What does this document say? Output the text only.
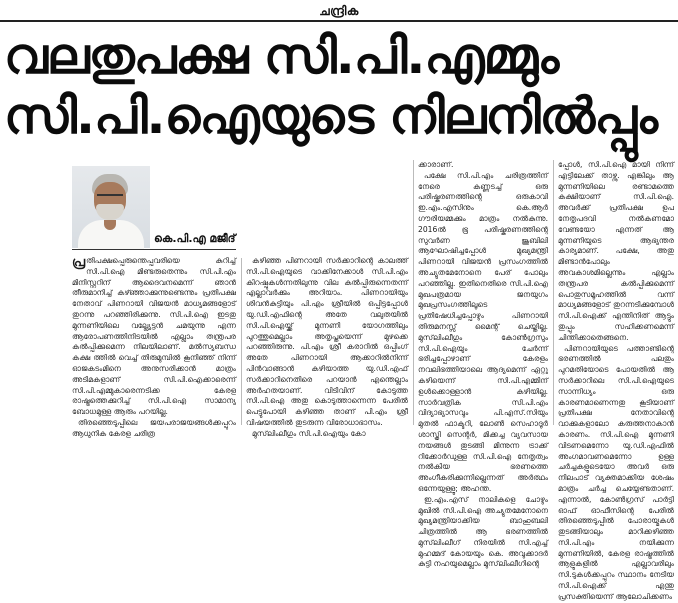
ചന്ദ്രിക
വലതുപക്ഷ സി.പി.എമ്മും
സി.പി.ഐയുടെ നിലനിൽപ്പും
കെ.പി.എ മജീദ്

പ്ര തിപക്ഷപ്പെരുന്തെപ്പവരിയെ കുറിച്ച് സി.പി.ഐ മിണ്ടരുതെന്നും സി.പി.എം മിനിസ്റ്ററിന് ആദൈവനമെന്ന് ഞാൻ തീരുമാനിച്ച് കഴ്ഞ്ഞാക്കുന്നുണ്ടെന്നും പ്രതിപക്ഷ നേതാവ് പിണറായി വിജയൻ മാധ്യമങ്ങളോട് തുറന്നു പറഞ്ഞിരിക്കുന്നു. സി.പി.ഐ ഇടതു മുന്നണിയിലെ വല്ല്യേട്ടൻ ചമയുന്നു എന്ന ആരോപണത്തിനിടയിൽ എല്ലാം തന്ത്രപര കൽപ്പിക്കുമെന്ന നിലയിലാണ്. മൽസ്യബന്ധ കക്ഷ ത്തിൽ വെച്ച് തിരുമുമ്പിൽ കൂനിഞ്ഞ് നിന്ന് ഓജകടംമിനെ അനുസരിക്കാൻ മാത്രം അടിമകളാണ് സി.പി.ഐക്കാരെന്ന് സി.പി.എമ്മുകാരെന്നടിക്ക കേരള രാഷ്ട്രത്തെക്കുറിച്ച് സി.പി.ഐ സാമാന്യ ബോധമുള്ള ആരും പറയില്ല.

തിരഞ്ഞെടുപ്പിലെ ജയപരാജയങ്ങൾക്കപ്പുറം ആധുനിക കേരള ചരിത്ര

കഴിഞ്ഞ പിണറായി സർക്കാറിന്റെ കാലത്ത് സി.പി.ഐയുടെ വാക്കിനേക്കാൾ സി.പി.എം കിറഷ്പുകൾന്നതിലുന്നു വില കൽപ്പിരുന്നെതന്ന് എല്ലാവർക്കും അറിയാം. പിണറായിയും ശിവൻകുട്ടിയും പി.എം ശ്രീയിൽ ഒപ്പിട്ടപ്പോൾ യു.ഡി.എഫിന്റെ അതേ വലുതയിൽ സി.പി.ഐയ്ക്ക് മുന്നണി യോഗത്തിലും പുറത്തുമെല്ലാം അതൃപ്തയെന്ന് മുഴക്കെ പറഞ്ഞിരുന്നു. പി.എം ശ്രീ കരാറിൽ ഒപ്പിംഗ് അതേ പിണറായി ആക്കാറിൽനിന്ന് പിൻവാങ്ങാൻ കഴിയാത്ത യു.ഡി.എഫ് സർക്കാറിനെതിരെ പറയാൻ എന്തെല്ലാം അർഹതയാണ്. വിടിവിന് കോടുത്ത സി.പി.ഐ അതു കൊടുത്താന്നെന്ന പേരിൽ പെട്ടുപോയി കഴിഞ്ഞ താണ് പി.എം ശ്രീ വിഷയത്തിൽ തുടരുന്ന വിരോധാഭാസം.

മുസ്‌ലിംലീഗും സി.പി.ഐയും കോ

ക്കാരാണ്.

പക്ഷേ സി.പി.എം ചരിത്രത്തിന് നേരെ കണ്ണടച്ച് ഒരു പരിഷ്കരണത്തിന്റെ ഒരുകാവി ഇ.എം.എസിനും കെ.ആർ ഗൗരിയമ്മക്കും മാത്രം നൽകുന്നു. 2016ൽ ഭൂ പരിഷ്കരണത്തിന്റെ സുവർണ ജൂബിലി ആഘോഷിച്ചപ്പോൾ മുഖ്യമന്ത്രി പിണറായി വിജയൻ പ്രസംഗത്തിൽ അച്യുതമേനോനെ പേര് പോലും പറഞ്ഞില്ല. ഇതിനെതിരെ സി.പി.ഐ മുഖപത്രമായ ജനയുഗം മുഖപ്രസംഗത്തിലൂടെ പ്രതിഷേധിച്ചപ്പോഴും പിണറായി തിരുമനസ്സ് മൈന്റ് ചെയ്തില്ല. മുസ്‌ലിംലീഗും കോൺഗ്രസും സി.പി.ഐയും ചേർന്ന് ഭരിച്ചപ്പോഴാണ് കേരളം നവലിഭത്തിയാലെ ആദ്യമെന്ന് ഏറ്റു കഴിയെന്ന് സി.പി.എമ്മിന് ഉൾക്കൊള്ളാൻ കഴിയില്ല. സാർവത്രിക സി.പി.എം വിദ്യാഭ്യാസവും പി.എസ്.സിയും മുതൽ ഫാക്ടറി, ലോൺ സെഹാദൂർ ശാസ്ത്രി സെന്റർ, മിക്കച്ച വ്യവസായ നയങ്ങൾ തുടങ്ങി മിന്നുന്ന ട്രാക്ക് റിക്കോർഡുള്ള സി.പി.ഐ നേതൃത്വം നൽകിയ ഭരണത്തെ അംഗീകരിക്കുന്നില്ലെന്നത് അർത്ഥം ഒന്നേയുള്ളു; അഹന്ത.

ഇ.എം.എസ് നാലികളെ ചോഴും മുഖിൽ സി.പി.ഐ അച്യുതമേനോനെ മുഖ്യമന്ത്രിയാക്കിയ ബാഹുബലി ചിത്രത്തിൽ ആ ഭരണത്തിൽ മുസ്‌ലിംലീഗ് നിരയിൽ സി.എച്ച് മുഹമ്മദ് കോയയും കെ. അവുക്കാദർ കുട്ടി നഹയുമെല്ലാം മുസ്‌ലിംലീഗിന്റെ

പ്പോൾ, സി.പി.ഐ മായി നിന്ന് എട്ടിലേക്ക് താഴ്ന്നു. എങ്കിലും ആ മുന്നണിയിലെ രണ്ടാമത്തെ കക്ഷിയാണ് സി.പി.ഐ. അവർക്ക് പ്രതിപക്ഷ ഉപ നേതൃപദവി നൽകണമോ വേണ്ടയോ എന്നത് ആ മുന്നണിയുടെ ആഭ്യന്തര കാര്യമാണ്. പക്ഷേ, അതു മിണ്ടാൻപോലും അവകാശമില്ലെന്നും എല്ലാം തന്ത്രപര കൽപ്പിക്കുമെന്ന് പൊതുസമൂഹത്തിൽ വന്ന് മാധ്യമങ്ങളോട് തുറന്നടിക്കുമ്പോൾ സി.പി.ഐക്ക് എന്തിനിത് ആട്ടും തുപ്പും സഹിക്കണമെന്ന് ചിന്തിക്കാതെങ്ങനെ.

പിണറായിയുടെ പത്താണ്ടിന്റെ ഭരണത്തിൽ പലതും പുറമതിയോടെ പോയതിൽ ആ സർക്കാറിലെ സി.പി.ഐയുടെ സാന്നിധ്യം ഒരു കാരണമാണെന്നതു കൂടിയാണ് പ്രതിപക്ഷ നേതാവിന്റെ വാക്കുകളാലോ കരുത്തനാകാൻ കാരണം. സി.പി.ഐ മുന്നണി വിടണമെന്നോ യു.ഡി.എഫിൽ അംഗമാവണമെന്നോ ഉള്ള ചർച്ചകളുടെയോ അവർ ഒരു നിലപാട് വ്യക്തമാക്കിയ ശേഷം മാത്രം ചർച്ച ചെയ്യേണ്ടതാണ്. എന്നാൽ, കോൺഗ്രസ് പാർട്ടി ഓഫ് ഓഫീസിന്റെ പേരിൽ തിരഞ്ഞെടുപ്പിൽ പോരായ്മകൾ തുടങ്ങിയാലും മാറിക്കഴിഞ്ഞ സി.പി.എം നയിക്കുന്ന മുന്നണിയിൽ, കേരള രാഷ്ട്രത്തിൽ ആളുകളിൽ എല്ലാവരിലും സി.ടുകൾക്കപ്പുറം സ്ഥാനം നേടിയ സി.പി.ഐക്ക് എന്തു പ്രസക്തിയെന്ന് ആലോചിക്കണം
